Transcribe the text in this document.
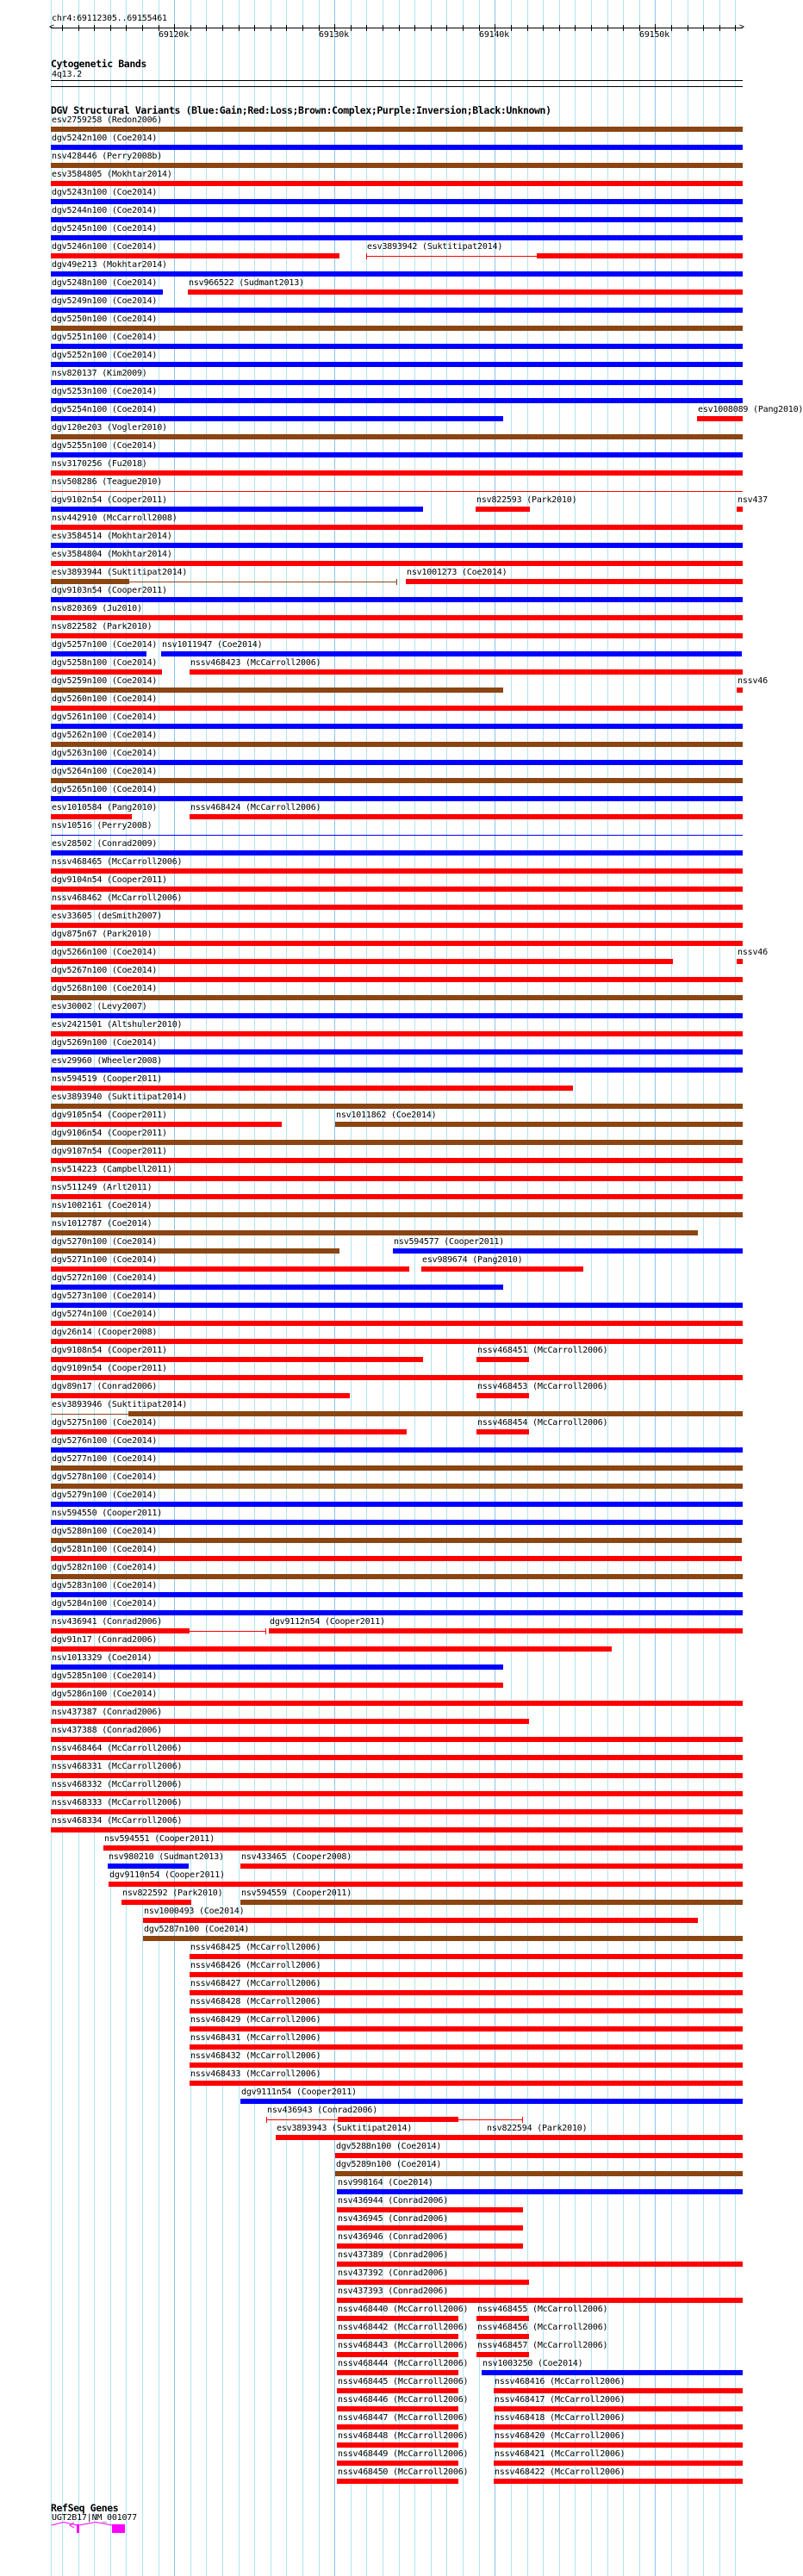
chr4:69112305..69155461
<	>
69120k	69130k	69140k	69150k
Cytogenetic Bands
4q13.2
DGV Structural Variants (Blue:Gain;Red:Loss;Brown:Complex;Purple:Inversion;Black:Unknown)
esv2759258 (Redon2006)
dgv5242n100 (Coe2014)
nsv428446 (Perry2008b)
esv3584805 (Mokhtar2014)
dgv5243n100 (Coe2014)
dgv5244n100 (Coe2014)
dgv5245n100 (Coe2014)
dgv5246n100 (Coe2014)	esv3893942 (Suktitipat2014)
dgv49e213 (Mokhtar2014)
dgv5248n100 (Coe2014)	nsv966522 (Sudmant2013)
dgv5249n100 (Coe2014)
dgv5250n100 (Coe2014)
dgv5251n100 (Coe2014)
dgv5252n100 (Coe2014)
nsv820137 (Kim2009)
dgv5253n100 (Coe2014)
dgv5254n100 (Coe2014)	esv1008089 (Pang2010)
dgv120e203 (Vogler2010)
dgv5255n100 (Coe2014)
nsv3170256 (Fu2018)
nsv508286 (Teague2010)
dgv9102n54 (Cooper2011)	nsv822593 (Park2010)	nsv437
nsv442910 (McCarroll2008)
esv3584514 (Mokhtar2014)
esv3584804 (Mokhtar2014)
esv3893944 (Suktitipat2014)	nsv1001273 (Coe2014)
dgv9103n54 (Cooper2011)
nsv820369 (Ju2010)
nsv822582 (Park2010)
dgv5257n100 (Coe2014) nsv1011947 (Coe2014)
dgv5258n100 (Coe2014)	nssv468423 (McCarroll2006)
dgv5259n100 (Coe2014)	nssv46
dgv5260n100 (Coe2014)
dgv5261n100 (Coe2014)
dgv5262n100 (Coe2014)
dgv5263n100 (Coe2014)
dgv5264n100 (Coe2014)
dgv5265n100 (Coe2014)
esv1010584 (Pang2010)	nssv468424 (McCarroll2006)
nsv10516 (Perry2008)
esv28502 (Conrad2009)
nssv468465 (McCarroll2006)
dgv9104n54 (Cooper2011)
nssv468462 (McCarroll2006)
esv33605 (deSmith2007)
dgv875n67 (Park2010)
dgv5266n100 (Coe2014)	nssv46
dgv5267n100 (Coe2014)
dgv5268n100 (Coe2014)
esv30002 (Levy2007)
esv2421501 (Altshuler2010)
dgv5269n100 (Coe2014)
esv29960 (Wheeler2008)
nsv594519 (Cooper2011)
esv3893940 (Suktitipat2014)
dgv9105n54 (Cooper2011)	nsv1011862 (Coe2014)
dgv9106n54 (Cooper2011)
dgv9107n54 (Cooper2011)
nsv514223 (Campbell2011)
nsv511249 (Arlt2011)
nsv1002161 (Coe2014)
nsv1012787 (Coe2014)
dgv5270n100 (Coe2014)	nsv594577 (Cooper2011)
dgv5271n100 (Coe2014)	esv989674 (Pang2010)
dgv5272n100 (Coe2014)
dgv5273n100 (Coe2014)
dgv5274n100 (Coe2014)
dgv26n14 (Cooper2008)
dgv9108n54 (Cooper2011)	nssv468451 (McCarroll2006)
dgv9109n54 (Cooper2011)
dgv89n17 (Conrad2006)	nssv468453 (McCarroll2006)
esv3893946 (Suktitipat2014)
dgv5275n100 (Coe2014)	nssv468454 (McCarroll2006)
dgv5276n100 (Coe2014)
dgv5277n100 (Coe2014)
dgv5278n100 (Coe2014)
dgv5279n100 (Coe2014)
nsv594550 (Cooper2011)
dgv5280n100 (Coe2014)
dgv5281n100 (Coe2014)
dgv5282n100 (Coe2014)
dgv5283n100 (Coe2014)
dgv5284n100 (Coe2014)
nsv436941 (Conrad2006)	dgv9112n54 (Cooper2011)
dgv91n17 (Conrad2006)
nsv1013329 (Coe2014)
dgv5285n100 (Coe2014)
dgv5286n100 (Coe2014)
nsv437387 (Conrad2006)
nsv437388 (Conrad2006)
nssv468464 (McCarroll2006)
nssv468331 (McCarroll2006)
nssv468332 (McCarroll2006)
nssv468333 (McCarroll2006)
nssv468334 (McCarroll2006)
nsv594551 (Cooper2011)
nsv980210 (Sudmant2013) nsv433465 (Cooper2008)
dgv9110n54 (Cooper2011)
nsv822592 (Park2010) nsv594559 (Cooper2011)
nsv1000493 (Coe2014)
dgv5287n100 (Coe2014)
nssv468425 (McCarroll2006)
nssv468426 (McCarroll2006)
nssv468427 (McCarroll2006)
nssv468428 (McCarroll2006)
nssv468429 (McCarroll2006)
nssv468431 (McCarroll2006)
nssv468432 (McCarroll2006)
nssv468433 (McCarroll2006)
dgv9111n54 (Cooper2011)
nsv436943 (Conrad2006)
esv3893943 (Suktitipat2014)	nsv822594 (Park2010)
dgv5288n100 (Coe2014)
dgv5289n100 (Coe2014)
nsv998164 (Coe2014)
nsv436944 (Conrad2006)
nsv436945 (Conrad2006)
nsv436946 (Conrad2006)
nsv437389 (Conrad2006)
nsv437392 (Conrad2006)
nsv437393 (Conrad2006)
nssv468440 (McCarroll2006) nssv468455 (McCarroll2006)
nssv468442 (McCarroll2006) nssv468456 (McCarroll2006)
nssv468443 (McCarroll2006) nssv468457 (McCarroll2006)
nssv468444 (McCarroll2006) nsv1003250 (Coe2014)
nssv468445 (McCarroll2006)	nssv468416 (McCarroll2006)
nssv468446 (McCarroll2006)	nssv468417 (McCarroll2006)
nssv468447 (McCarroll2006)	nssv468418 (McCarroll2006)
nssv468448 (McCarroll2006)	nssv468420 (McCarroll2006)
nssv468449 (McCarroll2006)	nssv468421 (McCarroll2006)
nssv468450 (McCarroll2006)	nssv468422 (McCarroll2006)
RefSeq Genes
UGT2B17|NM_001077
